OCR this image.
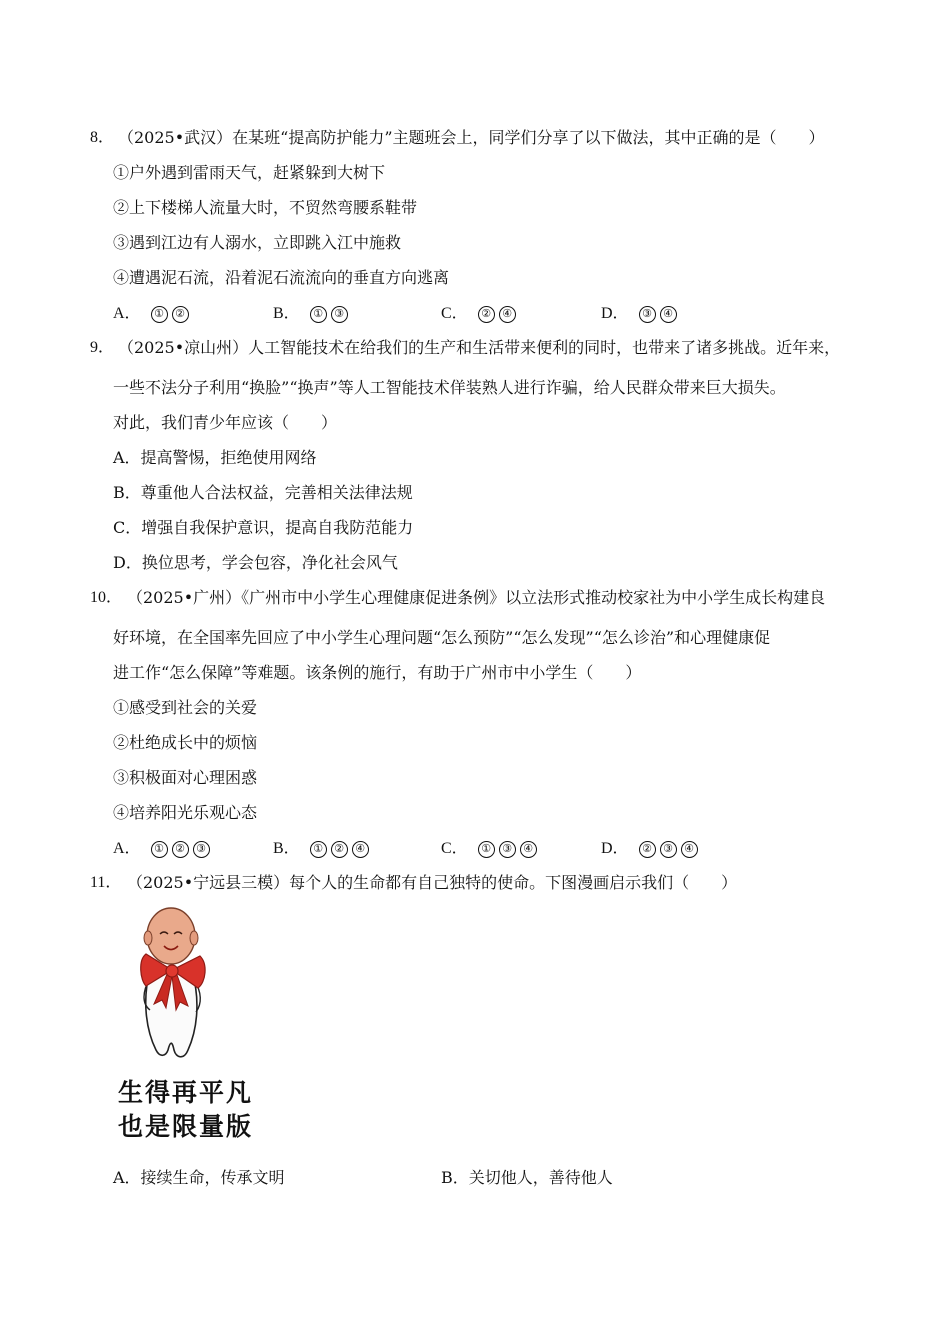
8． （2025•武汉）在某班“提高防护能力”主题班会上，同学们分享了以下做法，其中正确的是（　　）
①户外遇到雷雨天气，赶紧躲到大树下
②上下楼梯人流量大时，不贸然弯腰系鞋带
③遇到江边有人溺水，立即跳入江中施救
④遭遇泥石流，沿着泥石流流向的垂直方向逃离
A． ① ②	B． ① ③	C． ② ④	D． ③ ④
9． （2025•凉山州）人工智能技术在给我们的生产和生活带来便利的同时，也带来了诸多挑战。近年来，
一些不法分子利用“换脸”“换声”等人工智能技术佯装熟人进行诈骗，给人民群众带来巨大损失。
对此，我们青少年应该（　　）
A．提高警惕，拒绝使用网络
B．尊重他人合法权益，完善相关法律法规
C．增强自我保护意识，提高自我防范能力
D．换位思考，学会包容，净化社会风气
10． （2025•广州）《广州市中小学生心理健康促进条例》以立法形式推动校家社为中小学生成长构建良
好环境，在全国率先回应了中小学生心理问题“怎么预防”“怎么发现”“怎么诊治”和心理健康促
进工作“怎么保障”等难题。该条例的施行，有助于广州市中小学生（　　）
①感受到社会的关爱
②杜绝成长中的烦恼
③积极面对心理困惑
④培养阳光乐观心态
A． ① ② ③	B． ① ② ④	C． ① ③ ④	D． ② ③ ④
11． （2025•宁远县三模）每个人的生命都有自己独特的使命。下图漫画启示我们（　　）
生得再平凡
也是限量版
A．接续生命，传承文明	B．关切他人，善待他人
